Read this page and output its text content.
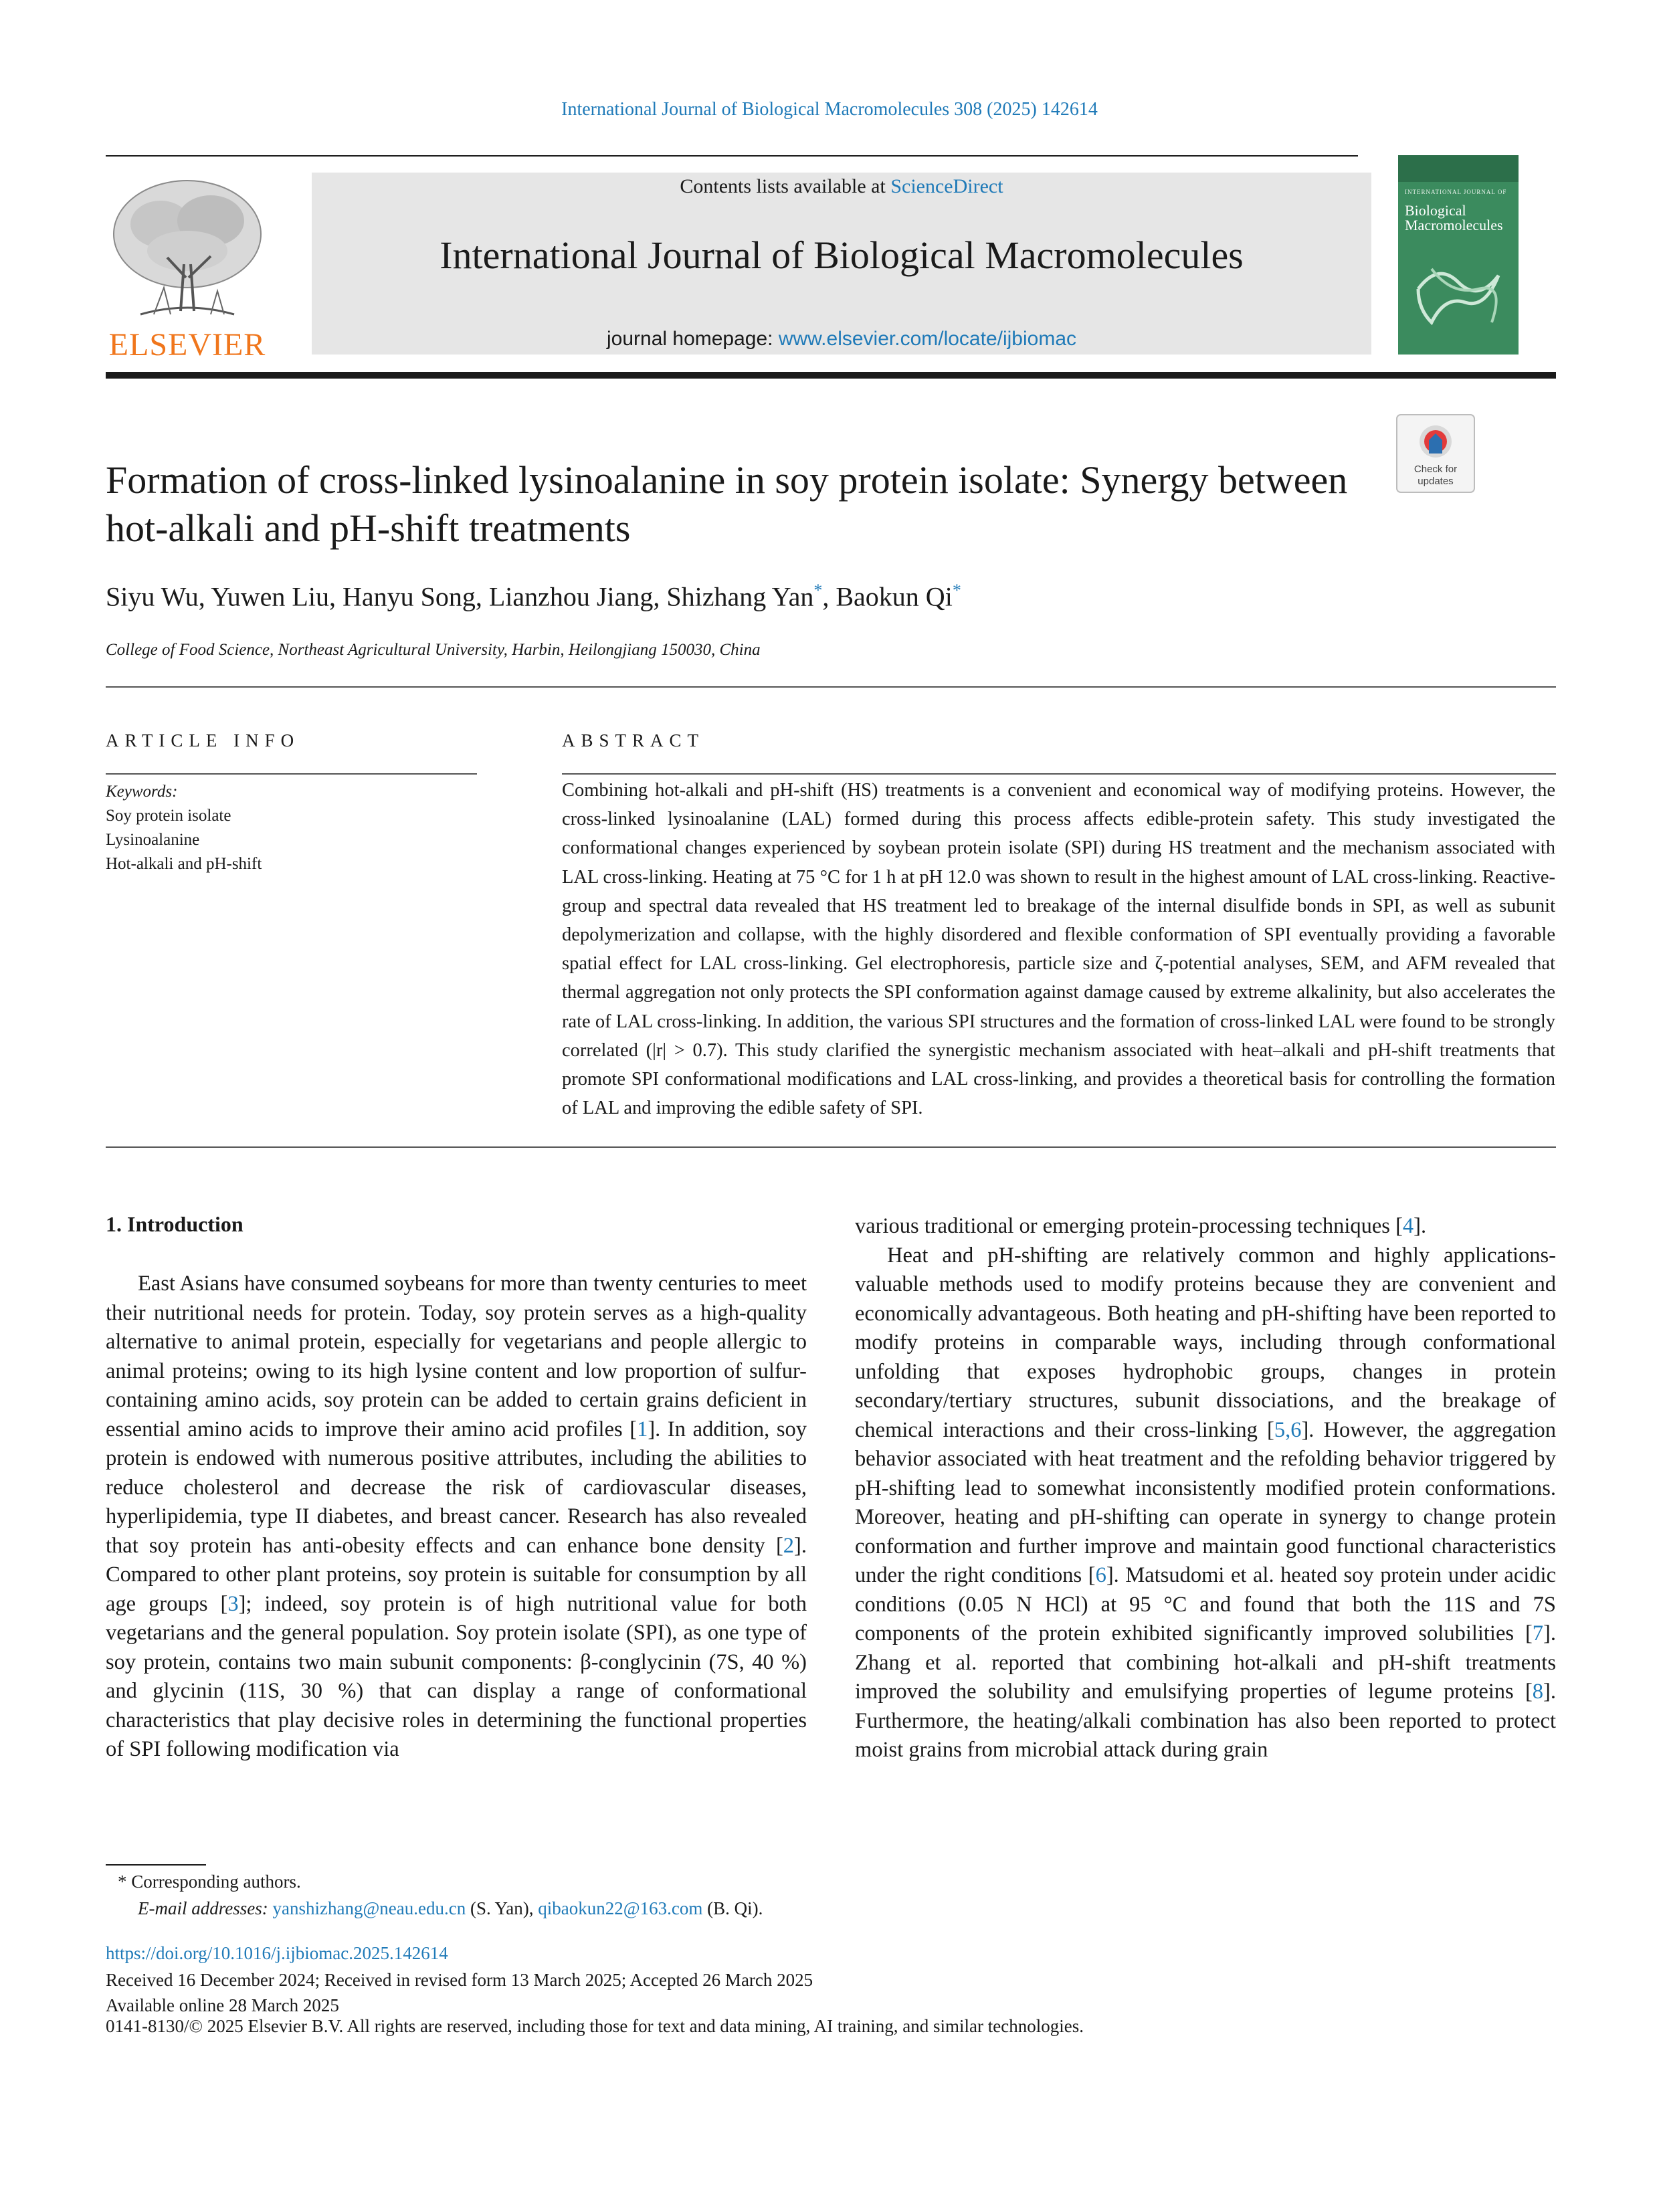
International Journal of Biological Macromolecules 308 (2025) 142614
Contents lists available at ScienceDirect
International Journal of Biological Macromolecules
journal homepage: www.elsevier.com/locate/ijbiomac
ELSEVIER
INTERNATIONAL JOURNAL OF
Biological Macromolecules
Formation of cross-linked lysinoalanine in soy protein isolate: Synergy between hot-alkali and pH-shift treatments
Check for
updates
Siyu Wu, Yuwen Liu, Hanyu Song, Lianzhou Jiang, Shizhang Yan*, Baokun Qi*
College of Food Science, Northeast Agricultural University, Harbin, Heilongjiang 150030, China
ARTICLE INFO
Keywords:
Soy protein isolate
Lysinoalanine
Hot-alkali and pH-shift
ABSTRACT
Combining hot-alkali and pH-shift (HS) treatments is a convenient and economical way of modifying proteins. However, the cross-linked lysinoalanine (LAL) formed during this process affects edible-protein safety. This study investigated the conformational changes experienced by soybean protein isolate (SPI) during HS treatment and the mechanism associated with LAL cross-linking. Heating at 75 °C for 1 h at pH 12.0 was shown to result in the highest amount of LAL cross-linking. Reactive-group and spectral data revealed that HS treatment led to breakage of the internal disulfide bonds in SPI, as well as subunit depolymerization and collapse, with the highly disordered and flexible conformation of SPI eventually providing a favorable spatial effect for LAL cross-linking. Gel electrophoresis, particle size and ζ-potential analyses, SEM, and AFM revealed that thermal aggregation not only protects the SPI conformation against damage caused by extreme alkalinity, but also accelerates the rate of LAL cross-linking. In addition, the various SPI structures and the formation of cross-linked LAL were found to be strongly correlated (|r| > 0.7). This study clarified the synergistic mechanism associated with heat–alkali and pH-shift treatments that promote SPI conformational modifications and LAL cross-linking, and provides a theoretical basis for controlling the formation of LAL and improving the edible safety of SPI.
1. Introduction

East Asians have consumed soybeans for more than twenty centuries to meet their nutritional needs for protein. Today, soy protein serves as a high-quality alternative to animal protein, especially for vegetarians and people allergic to animal proteins; owing to its high lysine content and low proportion of sulfur-containing amino acids, soy protein can be added to certain grains deficient in essential amino acids to improve their amino acid profiles [1]. In addition, soy protein is endowed with numerous positive attributes, including the abilities to reduce cholesterol and decrease the risk of cardiovascular diseases, hyperlipidemia, type II diabetes, and breast cancer. Research has also revealed that soy protein has anti-obesity effects and can enhance bone density [2]. Compared to other plant proteins, soy protein is suitable for consumption by all age groups [3]; indeed, soy protein is of high nutritional value for both vegetarians and the general population. Soy protein isolate (SPI), as one type of soy protein, contains two main subunit components: β-conglycinin (7S, 40 %) and glycinin (11S, 30 %) that can display a range of conformational characteristics that play decisive roles in determining the functional properties of SPI following modification via

various traditional or emerging protein-processing techniques [4].

Heat and pH-shifting are relatively common and highly applications-valuable methods used to modify proteins because they are convenient and economically advantageous. Both heating and pH-shifting have been reported to modify proteins in comparable ways, including through conformational unfolding that exposes hydrophobic groups, changes in protein secondary/tertiary structures, subunit dissociations, and the breakage of chemical interactions and their cross-linking [5,6]. However, the aggregation behavior associated with heat treatment and the refolding behavior triggered by pH-shifting lead to somewhat inconsistently modified protein conformations. Moreover, heating and pH-shifting can operate in synergy to change protein conformation and further improve and maintain good functional characteristics under the right conditions [6]. Matsudomi et al. heated soy protein under acidic conditions (0.05 N HCl) at 95 °C and found that both the 11S and 7S components of the protein exhibited significantly improved solubilities [7]. Zhang et al. reported that combining hot-alkali and pH-shift treatments improved the solubility and emulsifying properties of legume proteins [8]. Furthermore, the heating/alkali combination has also been reported to protect moist grains from microbial attack during grain

* Corresponding authors.
E-mail addresses: yanshizhang@neau.edu.cn (S. Yan), qibaokun22@163.com (B. Qi).
https://doi.org/10.1016/j.ijbiomac.2025.142614
Received 16 December 2024; Received in revised form 13 March 2025; Accepted 26 March 2025
Available online 28 March 2025
0141-8130/© 2025 Elsevier B.V. All rights are reserved, including those for text and data mining, AI training, and similar technologies.
